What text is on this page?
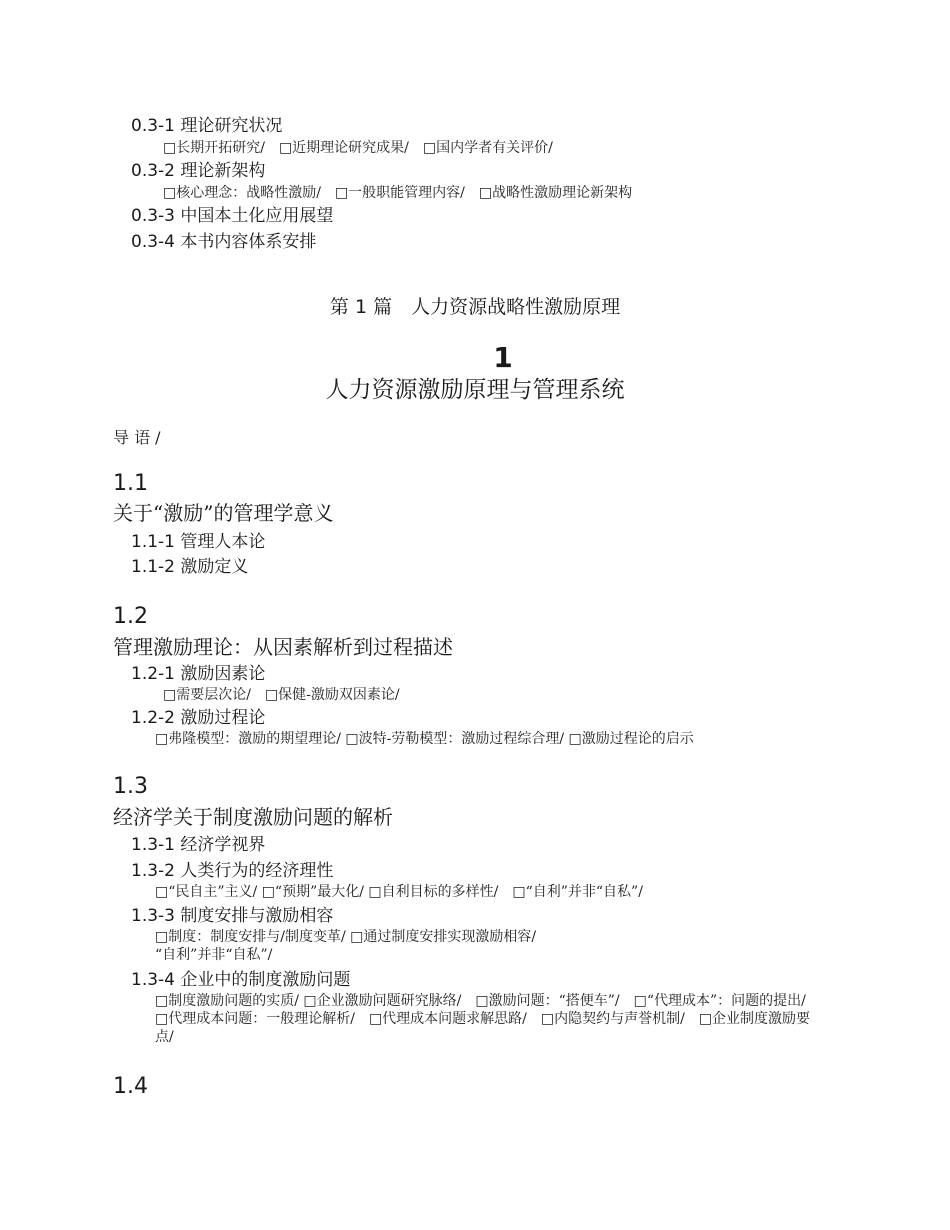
0.3-1 理论研究状况
□长期开拓研究/　□近期理论研究成果/　□国内学者有关评价/
0.3-2 理论新架构
□核心理念：战略性激励/　□一般职能管理内容/　□战略性激励理论新架构
0.3-3 中国本土化应用展望
0.3-4 本书内容体系安排
第 1 篇　人力资源战略性激励原理
1
人力资源激励原理与管理系统
导 语 /
1.1
关于“激励”的管理学意义
1.1-1 管理人本论
1.1-2 激励定义
1.2
管理激励理论：从因素解析到过程描述
1.2-1 激励因素论
□需要层次论/　□保健-激励双因素论/
1.2-2 激励过程论
□弗隆模型：激励的期望理论/ □波特-劳勒模型：激励过程综合理/ □激励过程论的启示
1.3
经济学关于制度激励问题的解析
1.3-1 经济学视界
1.3-2 人类行为的经济理性
□“民自主”主义/ □“预期”最大化/ □自利目标的多样性/　□“自利”并非“自私”/
1.3-3 制度安排与激励相容
□制度：制度安排与/制度变革/ □通过制度安排实现激励相容/
“自利”并非“自私”/
1.3-4 企业中的制度激励问题
□制度激励问题的实质/ □企业激励问题研究脉络/　□激励问题：“搭便车”/　□“代理成本”：问题的提出/　□代理成本问题：一般理论解析/　□代理成本问题求解思路/　□内隐契约与声誉机制/　□企业制度激励要点/
1.4
